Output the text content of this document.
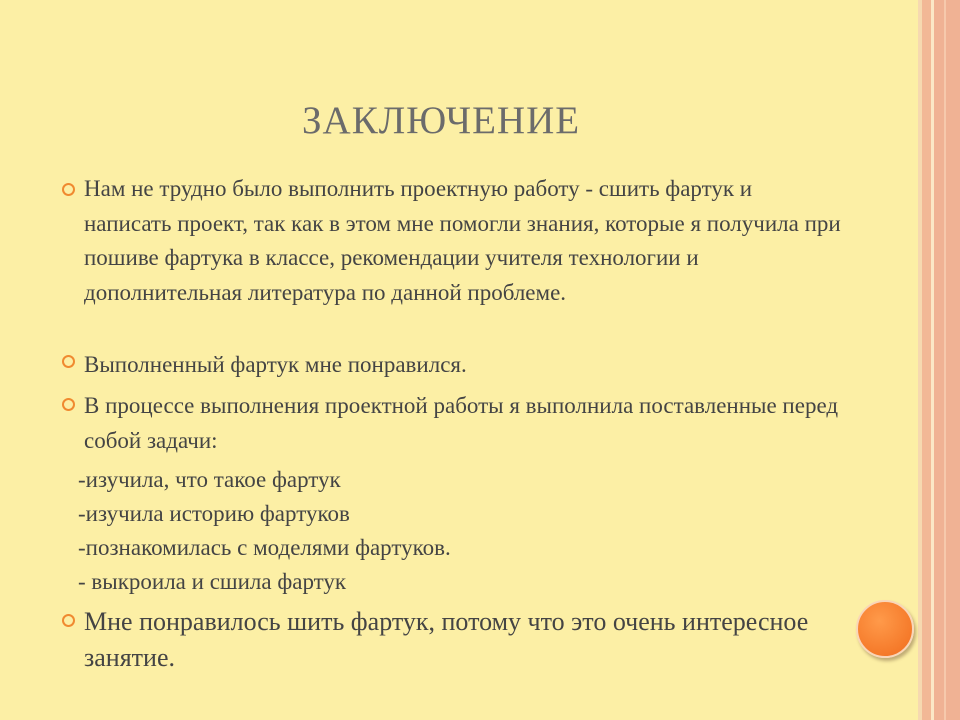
ЗАКЛЮЧЕНИЕ

Нам не трудно было выполнить проектную работу - сшить фартук и написать проект, так как в этом мне помогли знания, которые я получила при пошиве фартука в классе, рекомендации учителя технологии и дополнительная литература по данной проблеме.

Выполненный фартук мне понравился.

В процессе выполнения проектной работы я выполнила поставленные перед собой задачи:

-изучила, что такое фартук

-изучила историю фартуков

-познакомилась с моделями фартуков.

- выкроила и сшила фартук

Мне понравилось шить фартук, потому что это очень интересное занятие.
